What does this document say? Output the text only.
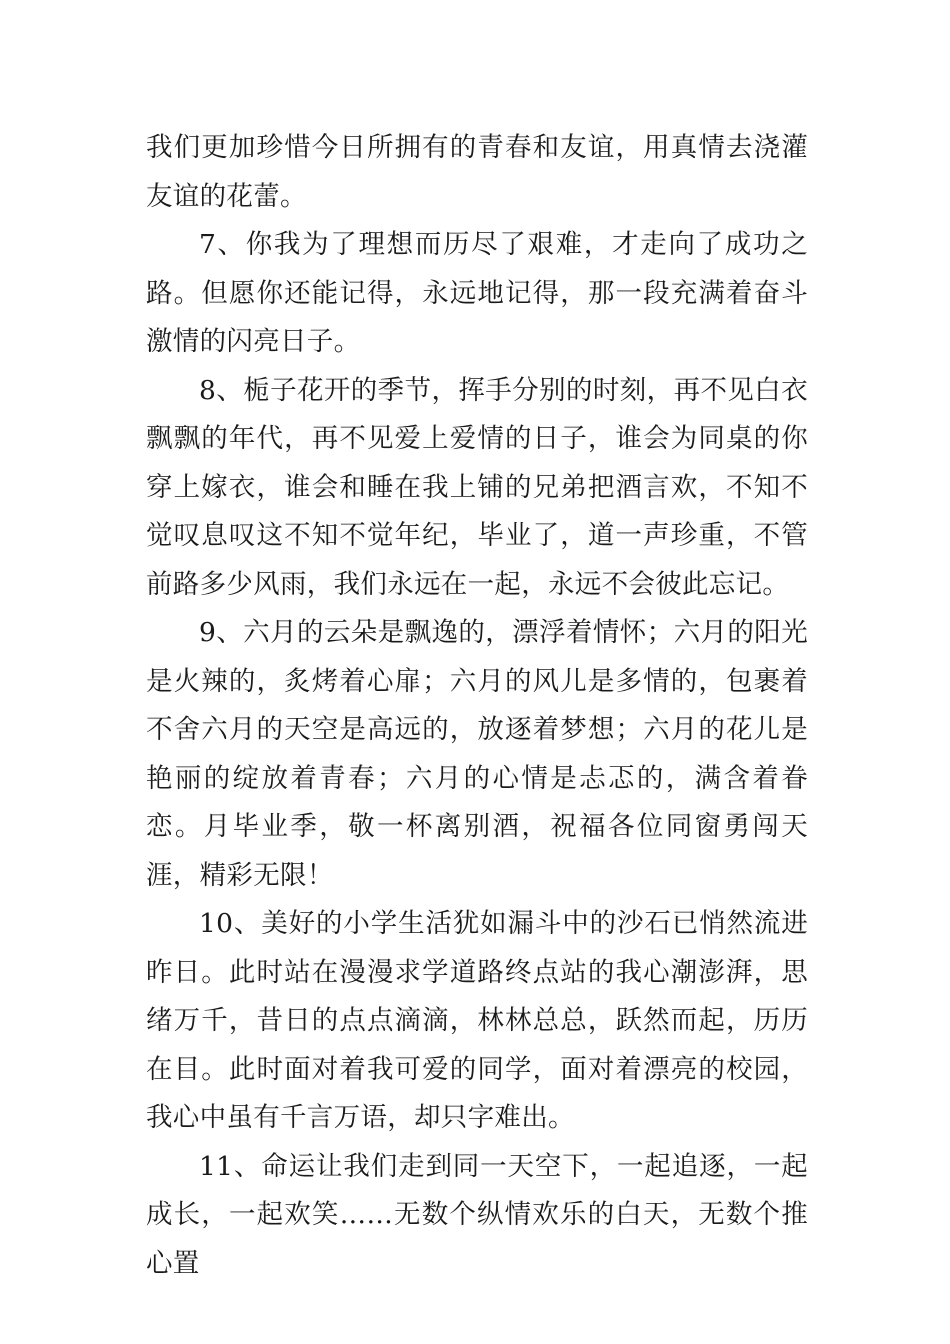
我们更加珍惜今日所拥有的青春和友谊，用真情去浇灌友谊的花蕾。

7、你我为了理想而历尽了艰难，才走向了成功之路。但愿你还能记得，永远地记得，那一段充满着奋斗激情的闪亮日子。

8、栀子花开的季节，挥手分别的时刻，再不见白衣飘飘的年代，再不见爱上爱情的日子，谁会为同桌的你穿上嫁衣，谁会和睡在我上铺的兄弟把酒言欢，不知不觉叹息叹这不知不觉年纪，毕业了，道一声珍重，不管前路多少风雨，我们永远在一起，永远不会彼此忘记。

9、六月的云朵是飘逸的，漂浮着情怀；六月的阳光是火辣的，炙烤着心扉；六月的风儿是多情的，包裹着不舍六月的天空是高远的，放逐着梦想；六月的花儿是艳丽的绽放着青春；六月的心情是忐忑的，满含着眷恋。月毕业季，敬一杯离别酒，祝福各位同窗勇闯天涯，精彩无限！

10、美好的小学生活犹如漏斗中的沙石已悄然流进昨日。此时站在漫漫求学道路终点站的我心潮澎湃，思绪万千，昔日的点点滴滴，林林总总，跃然而起，历历在目。此时面对着我可爱的同学，面对着漂亮的校园，我心中虽有千言万语，却只字难出。

11、命运让我们走到同一天空下，一起追逐，一起成长，一起欢笑……无数个纵情欢乐的白天，无数个推心置
